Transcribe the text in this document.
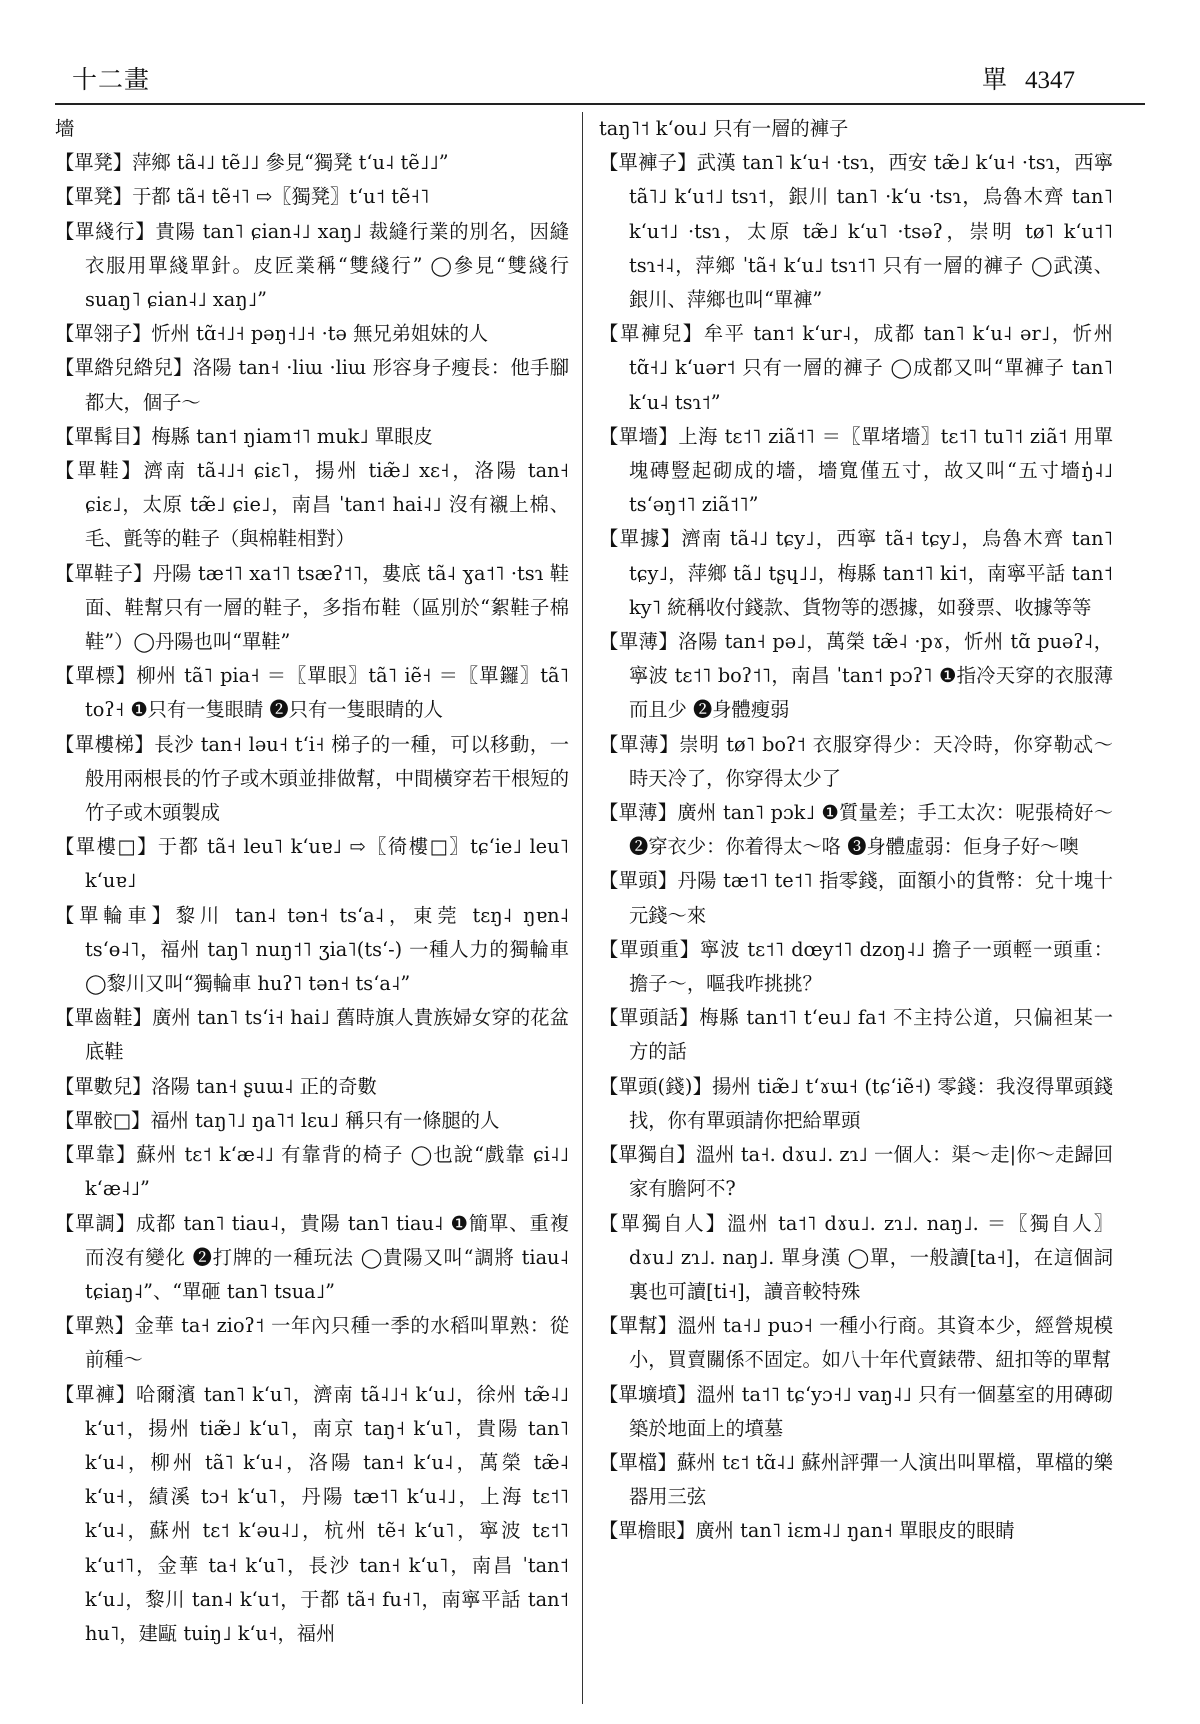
十二畫	單 4347
墻
【單凳】萍鄉 tã˨˩ tẽ˩˩ 參見“獨凳 t‘u˨ tẽ˩˩”
【單凳】于都 tã˧ tẽ˧˥ ⇨〖獨凳〗t‘u˦ tẽ˧˥
【單綫行】貴陽 tan˥ ɕian˨˩ xaŋ˩ 裁縫行業的別名，因縫衣服用單綫單針。皮匠業稱“雙綫行” ◯參見“雙綫行 suaŋ˥ ɕian˨˩ xaŋ˩”
【單翎子】忻州 tɑ̃˧˩˧ pəŋ˧˩˧ ·tə 無兄弟姐妹的人
【單綹兒綹兒】洛陽 tan˧ ·liɯ ·liɯ 形容身子瘦長：他手腳都大，個子～
【單髯目】梅縣 tan˦ ŋiam˦˥ muk˩ 單眼皮
【單鞋】濟南 tã˨˩˧ ɕiɛ˥，揚州 tiæ̃˩ xɛ˧，洛陽 tan˧ ɕiɛ˩，太原 tæ̃˩ ɕie˩，南昌 ˈtan˦ hai˨˩ 沒有襯上棉、毛、氈等的鞋子（與棉鞋相對）
【單鞋子】丹陽 tæ˦˥ xa˦˥ tsæʔ˦˥，婁底 tã˨ ɣa˦˥ ·tsɿ 鞋面、鞋幫只有一層的鞋子，多指布鞋（區別於“絮鞋子棉鞋”）◯丹陽也叫“單鞋”
【單標】柳州 tã˥ pia˧ ＝〖單眼〗tã˥ iẽ˧ ＝〖單鑼〗tã˥ toʔ˧ ❶只有一隻眼睛 ❷只有一隻眼睛的人
【單樓梯】長沙 tan˧ ləu˧ t‘i˧ 梯子的一種，可以移動，一般用兩根長的竹子或木頭並排做幫，中間橫穿若干根短的竹子或木頭製成
【單樓□】于都 tã˧ leu˥ k‘uɐ˩ ⇨〖徛樓□〗tɕ‘ie˩ leu˥ k‘uɐ˩
【單輪車】黎川 tan˨ tən˧ ts‘a˨，東莞 tɛŋ˨ ŋɐn˨ ts‘ɵ˨˥，福州 taŋ˥ nuŋ˦˥ ʒia˥(ts‘-) 一種人力的獨輪車 ◯黎川又叫“獨輪車 huʔ˥ tən˧ ts‘a˨”
【單齒鞋】廣州 tan˥ ts‘i˧ hai˩ 舊時旗人貴族婦女穿的花盆底鞋
【單數兒】洛陽 tan˧ ʂuɯ˨ 正的奇數
【單骹□】福州 taŋ˥˩ ŋa˥˦ lɛu˩ 稱只有一條腿的人
【單靠】蘇州 tɛ˦ k‘æ˨˩ 有靠背的椅子 ◯也說“戲靠 ɕi˨˩ k‘æ˨˩”
【單調】成都 tan˥ tiau˨，貴陽 tan˥ tiau˨ ❶簡單、重複而沒有變化 ❷打牌的一種玩法 ◯貴陽又叫“調將 tiau˨ tɕiaŋ˨”、“單砸 tan˥ tsua˩”
【單熟】金華 ta˧ zioʔ˦ 一年內只種一季的水稻叫單熟：從前種～
【單褲】哈爾濱 tan˥ k‘u˥，濟南 tã˨˩˧ k‘u˩，徐州 tæ̃˨˩ k‘u˦，揚州 tiæ̃˩ k‘u˥，南京 taŋ˧ k‘u˥，貴陽 tan˥ k‘u˨，柳州 tã˥ k‘u˨，洛陽 tan˧ k‘u˨，萬榮 tæ̃˨ k‘u˧，績溪 tɔ˧ k‘u˥，丹陽 tæ˦˥ k‘u˨˩，上海 tɛ˦˥ k‘u˨，蘇州 tɛ˦ k‘əu˨˩，杭州 tẽ˧ k‘u˥，寧波 tɛ˦˥ k‘u˦˥，金華 ta˧ k‘u˥，長沙 tan˧ k‘u˥，南昌 ˈtan˦ k‘u˩，黎川 tan˨ k‘u˦，于都 tã˧ fu˧˥，南寧平話 tan˦ hu˥，建甌 tuiŋ˩ k‘u˧，福州
taŋ˥˦ k‘ou˩ 只有一層的褲子
【單褲子】武漢 tan˥ k‘u˧ ·tsɿ，西安 tæ̃˩ k‘u˧ ·tsɿ，西寧 tã˥˩ k‘u˦˩ tsɿ˦，銀川 tan˥ ·k‘u ·tsɿ，烏魯木齊 tan˥ k‘u˦˩ ·tsɿ，太原 tæ̃˩ k‘u˥ ·tsəʔ，崇明 tø˥ k‘u˦˥ tsɿ˧˨，萍鄉 ˈtã˧ k‘u˩ tsɿ˦˥ 只有一層的褲子 ◯武漢、銀川、萍鄉也叫“單褲”
【單褲兒】牟平 tan˦ k‘ur˨，成都 tan˥ k‘u˨ ər˩，忻州 tɑ̃˧˩ k‘uər˦ 只有一層的褲子 ◯成都又叫“單褲子 tan˥ k‘u˨ tsɿ˦”
【單墻】上海 tɛ˦˥ ziã˦˥ ＝〖單堵墻〗tɛ˦˥ tu˥˦ ziã˦ 用單塊磚豎起砌成的墻，墻寬僅五寸，故又叫“五寸墻ŋ̍˨˩ ts‘əŋ˦˥ ziã˦˥”
【單據】濟南 tã˨˩ tɕy˩，西寧 tã˧ tɕy˩，烏魯木齊 tan˥ tɕy˩，萍鄉 tã˩ tʂɥ˩˩，梅縣 tan˦˥ ki˦，南寧平話 tan˦ ky˥ 統稱收付錢款、貨物等的憑據，如發票、收據等等
【單薄】洛陽 tan˧ pə˩，萬榮 tæ̃˨ ·pɤ，忻州 tɑ̃ puəʔ˨，寧波 tɛ˦˥ boʔ˦˥，南昌 ˈtan˦ pɔʔ˥ ❶指冷天穿的衣服薄而且少 ❷身體瘦弱
【單薄】崇明 tø˥ boʔ˦ 衣服穿得少：天冷時，你穿勒忒～時天冷了，你穿得太少了
【單薄】廣州 tan˥ pɔk˩ ❶質量差；手工太次：呢張椅好～ ❷穿衣少：你着得太～咯 ❸身體虛弱：佢身子好～噢
【單頭】丹陽 tæ˦˥ te˦˥ 指零錢，面額小的貨幣：兌十塊十元錢～來
【單頭重】寧波 tɛ˦˥ dœy˦˥ dzoŋ˨˩ 擔子一頭輕一頭重：擔子～，嘔我咋挑挑？
【單頭話】梅縣 tan˦˥ t‘eu˩ fa˦ 不主持公道，只偏袒某一方的話
【單頭(錢)】揚州 tiæ̃˩ t‘ɤɯ˧ (tɕ‘iẽ˧) 零錢：我沒得單頭錢找，你有單頭請你把給單頭
【單獨自】溫州 ta˧. dɤu˩. zɿ˩ 一個人：渠～走|你～走歸回家有膽阿不?
【單獨自人】溫州 ta˦˥ dɤu˩. zɿ˩. naŋ˩. ＝〖獨自人〗dɤu˩ zɿ˩. naŋ˩. 單身漢 ◯單，一般讀[ta˧]，在這個詞裏也可讀[ti˧]，讀音較特殊
【單幫】溫州 ta˧˩ puɔ˧ 一種小行商。其資本少，經營規模小，買賣關係不固定。如八十年代賣錶帶、紐扣等的單幫
【單壙墳】溫州 ta˦˥ tɕ‘yɔ˧˩ vaŋ˨˩ 只有一個墓室的用磚砌築於地面上的墳墓
【單檔】蘇州 tɛ˦ tɑ̃˨˩ 蘇州評彈一人演出叫單檔，單檔的樂器用三弦
【單檐眼】廣州 tan˥ iɛm˨˩ ŋan˧ 單眼皮的眼睛
